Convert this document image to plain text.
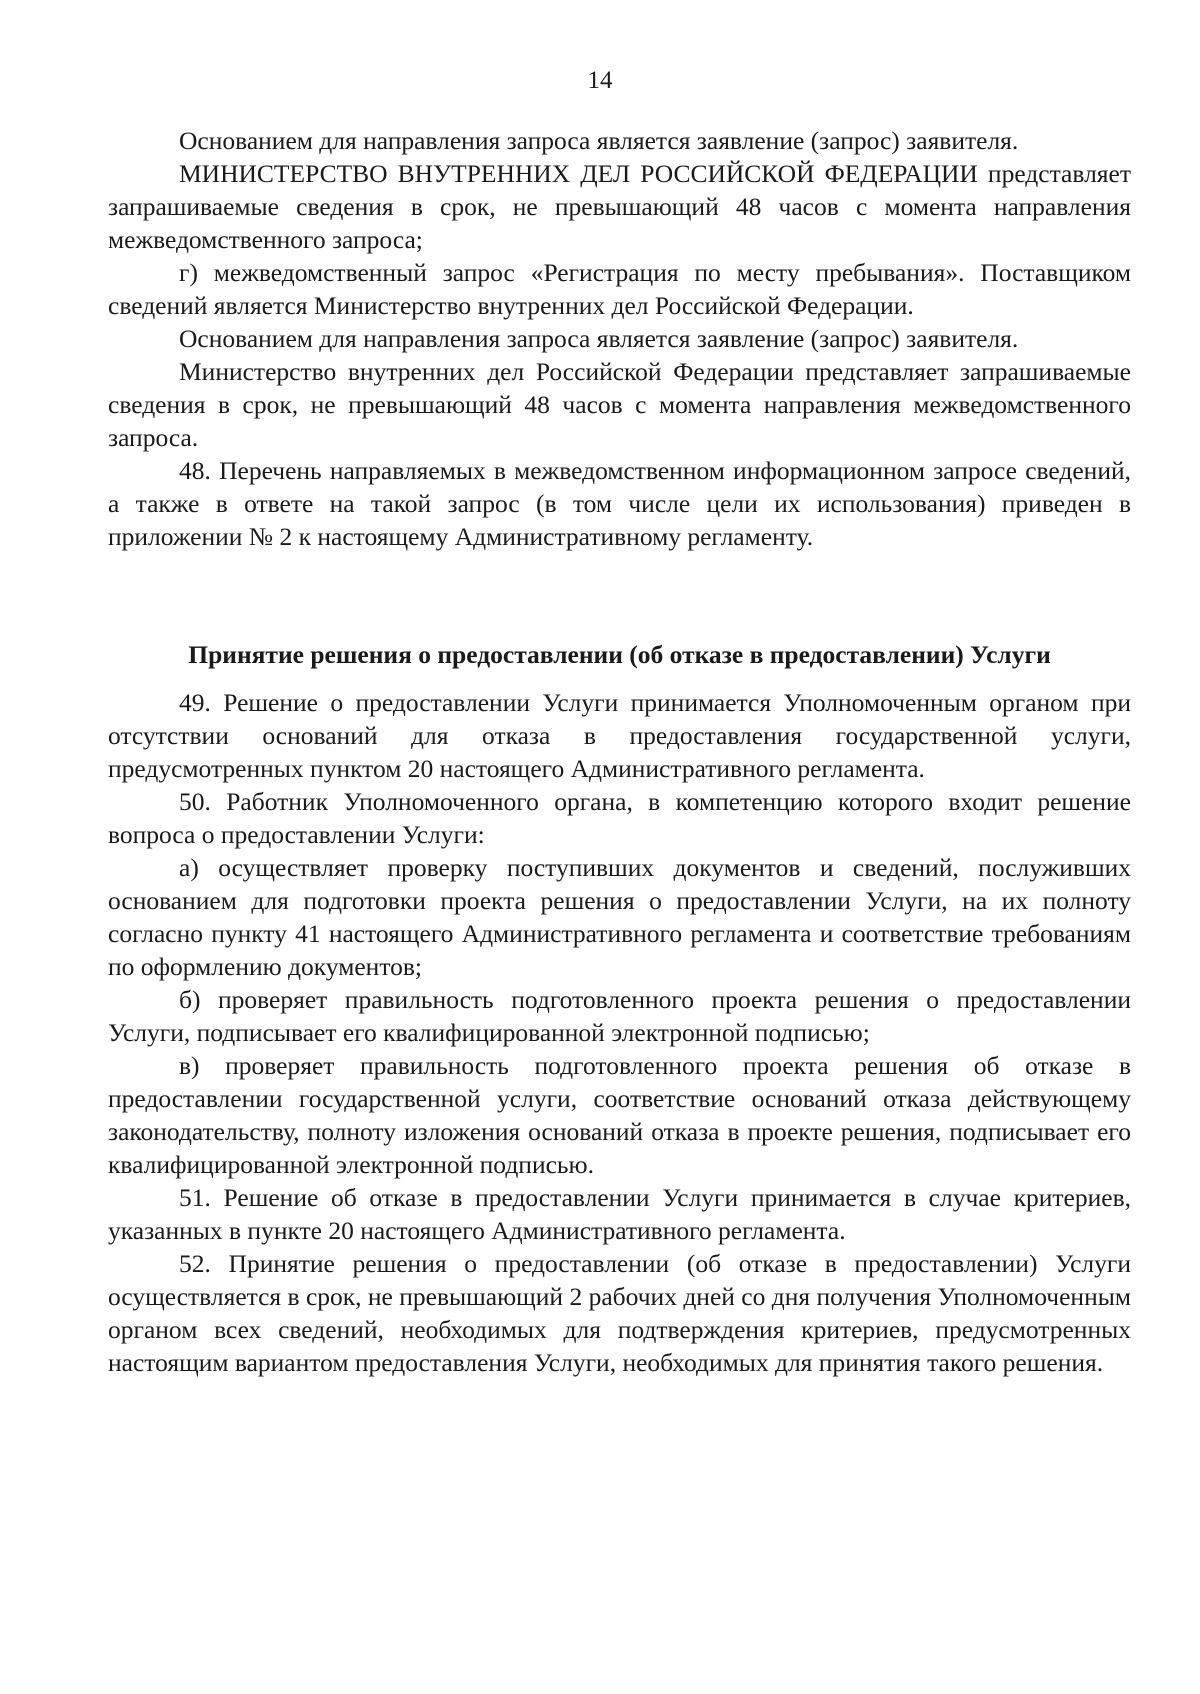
14

Основанием для направления запроса является заявление (запрос) заявителя.

МИНИСТЕРСТВО ВНУТРЕННИХ ДЕЛ РОССИЙСКОЙ ФЕДЕРАЦИИ представляет запрашиваемые сведения в срок, не превышающий 48 часов с момента направления межведомственного запроса;

г) межведомственный запрос «Регистрация по месту пребывания». Поставщиком сведений является Министерство внутренних дел Российской Федерации.

Основанием для направления запроса является заявление (запрос) заявителя.

Министерство внутренних дел Российской Федерации представляет запрашиваемые сведения в срок, не превышающий 48 часов с момента направления межведомственного запроса.

48. Перечень направляемых в межведомственном информационном запросе сведений, а также в ответе на такой запрос (в том числе цели их использования) приведен в приложении № 2 к настоящему Административному регламенту.

Принятие решения о предоставлении (об отказе в предоставлении) Услуги

49. Решение о предоставлении Услуги принимается Уполномоченным органом при отсутствии оснований для отказа в предоставления государственной услуги, предусмотренных пунктом 20 настоящего Административного регламента.

50. Работник Уполномоченного органа, в компетенцию которого входит решение вопроса о предоставлении Услуги:

а) осуществляет проверку поступивших документов и сведений, послуживших основанием для подготовки проекта решения о предоставлении Услуги, на их полноту согласно пункту 41 настоящего Административного регламента и соответствие требованиям по оформлению документов;

б) проверяет правильность подготовленного проекта решения о предоставлении Услуги, подписывает его квалифицированной электронной подписью;

в) проверяет правильность подготовленного проекта решения об отказе в предоставлении государственной услуги, соответствие оснований отказа действующему законодательству, полноту изложения оснований отказа в проекте решения, подписывает его квалифицированной электронной подписью.

51. Решение об отказе в предоставлении Услуги принимается в случае критериев, указанных в пункте 20 настоящего Административного регламента.

52. Принятие решения о предоставлении (об отказе в предоставлении) Услуги осуществляется в срок, не превышающий 2 рабочих дней со дня получения Уполномоченным органом всех сведений, необходимых для подтверждения критериев, предусмотренных настоящим вариантом предоставления Услуги, необходимых для принятия такого решения.
